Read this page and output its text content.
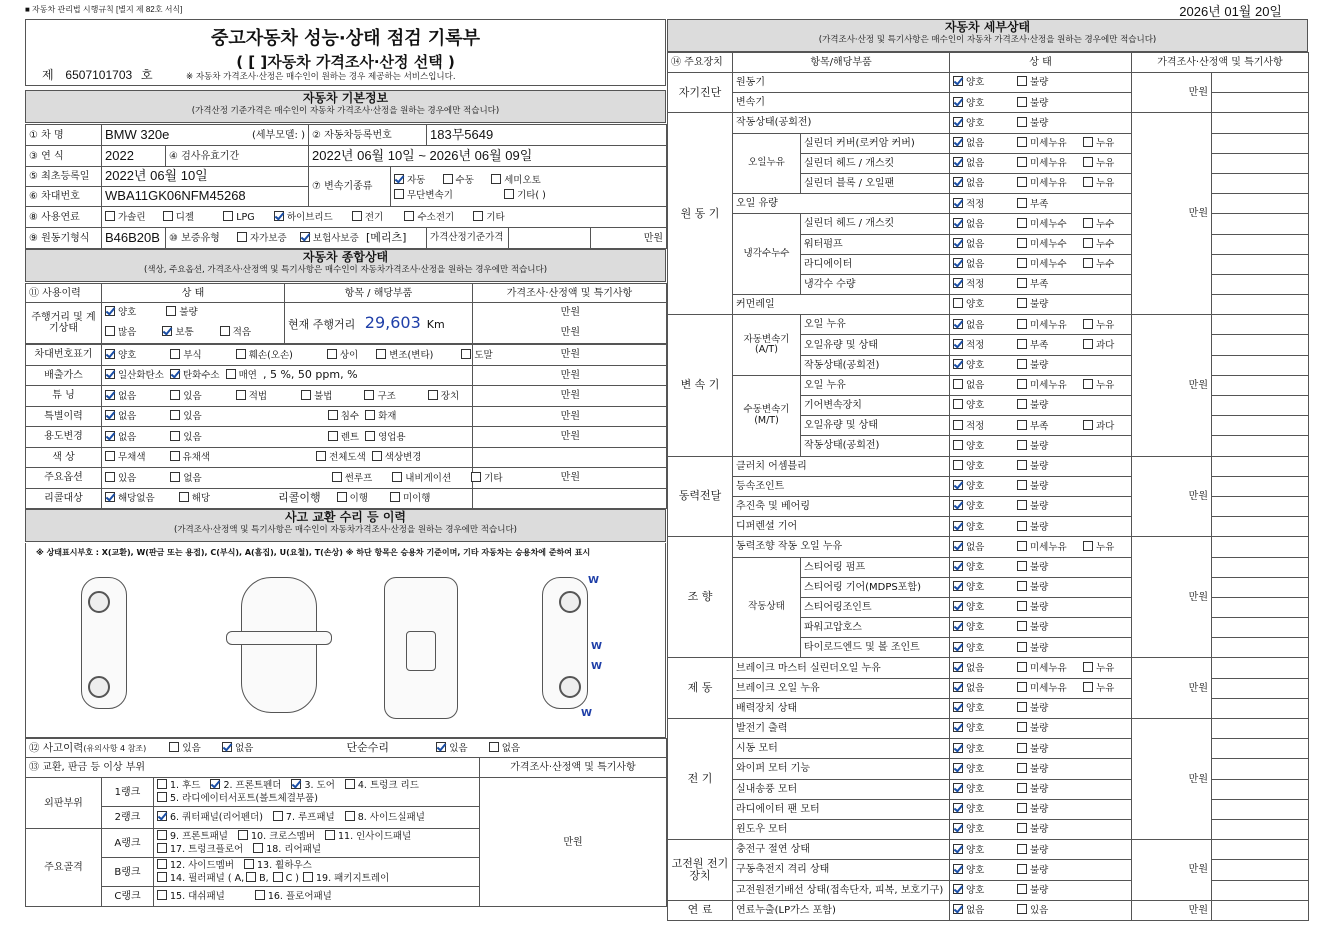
■ 자동차 관리법 시행규칙 [별지 제 82호 서식]	2026년 01월 20일
중고자동차 성능·상태 점검 기록부
( [ ]자동차 가격조사·산정 선택 )
제 6507101703 호	※ 자동차 가격조사·산정은 매수인이 원하는 경우 제공하는 서비스입니다.
자동차 기본정보
(가격산정 기준가격은 매수인이 자동차 가격조사·산정을 원하는 경우에만 적습니다)
① 차 명	BMW 320e (세부모델: )		② 자동차등록번호		183무5649		
③ 연 식	2022	④ 검사유효기간	2022년 06월 10일 ~ 2026년 06월 09일				
⑤ 최초등록일	2022년 06월 10일		⑦ 변속기종류	자동 수동 세미오토
무단변속기 기타( )			
⑥ 차대번호	WBA11GK06NFM45268						
⑧ 사용연료	가솔린 디젤 LPG 하이브리드 전기 수소전기 기타						
⑨ 원동기형식	B46B20B	⑩ 보증유형 자가보증 보험사보증 [메리츠]			가격산정기준가격		만원
자동차 종합상태
(색상, 주요옵션, 가격조사·산정액 및 특기사항은 매수인이 자동차가격조사·산정을 원하는 경우에만 적습니다)
⑪ 사용이력	상 태	항목 / 해당부품	가격조사·산정액 및 특기사항
주행거리 및 계기상태	양호 불량
많음 보통 적음	현재 주행거리 29,603 Km	만원
만원
차대번호표기	양호 부식 훼손(오손) 상이 변조(변타) 도말	만원
배출가스	일산화탄소 탄화수소 매연 , 5 %, 50 ppm, %	만원
튜 닝	없음 있음 적법 불법 구조 장치	만원
특별이력	없음 있음 침수 화재	만원
용도변경	없음 있음 렌트 영업용	만원
색 상	무채색 유채색 전체도색 색상변경	
주요옵션	있음 없음 썬루프 내비게이션 기타	만원
리콜대상	해당없음 해당 리콜이행 이행 미이행	
사고 교환 수리 등 이력
(가격조사·산정액 및 특기사항은 매수인이 자동차가격조사·산정을 원하는 경우에만 적습니다)
※ 상태표시부호 : X(교환), W(판금 또는 용접), C(부식), A(흠집), U(요철), T(손상) ※ 하단 항목은 승용차 기준이며, 기타 자동차는 승용차에 준하여 표시
W
W
W
W
⑫ 사고이력(유의사항 4 참조) 있음 없음 단순수리 있음 없음			
⑬ 교환, 판금 등 이상 부위			가격조사·산정액 및 특기사항
외판부위	1랭크	1. 후드 2. 프론트펜더 3. 도어 4. 트렁크 리드
5. 라디에이터서포트(볼트체결부품)	만원
	2랭크	6. 쿼터패널(리어펜더) 7. 루프패널 8. 사이드실패널	
주요골격	A랭크	9. 프론트패널 10. 크로스멤버 11. 인사이드패널
17. 트렁크플로어 18. 리어패널	
	B랭크	12. 사이드멤버 13. 휠하우스
14. 필러패널 ( A, B, C ) 19. 패키지트레이	
	C랭크	15. 대쉬패널 16. 플로어패널	
자동차 세부상태
(가격조사·산정 및 특기사항은 매수인이 자동차 가격조사·산정을 원하는 경우에만 적습니다)
⑭ 주요장치	항목/해당부품		상 태	가격조사·산정액 및 특기사항	
자기진단	원동기		양호 불량	만원	
	변속기		양호 불량		
원 동 기	작동상태(공회전)		양호 불량	만원	
	오일누유	실린더 커버(로커암 커버)	없음 미세누유 누유		
		실린더 헤드 / 개스킷	없음 미세누유 누유		
		실린더 블록 / 오일팬	없음 미세누유 누유		
	오일 유량		적정 부족		
	냉각수누수	실린더 헤드 / 개스킷	없음 미세누수 누수		
		워터펌프	없음 미세누수 누수		
		라디에이터	없음 미세누수 누수		
		냉각수 수량	적정 부족		
	커먼레일		양호 불량		
변 속 기	자동변속기 (A/T)	오일 누유	없음 미세누유 누유	만원	
		오일유량 및 상태	적정 부족 과다		
		작동상태(공회전)	양호 불량		
	수동변속기 (M/T)	오일 누유	없음 미세누유 누유		
		기어변속장치	양호 불량		
		오일유량 및 상태	적정 부족 과다		
		작동상태(공회전)	양호 불량		
동력전달	클러치 어셈블리		양호 불량	만원	
	등속조인트		양호 불량		
	추진축 및 베어링		양호 불량		
	디퍼렌셜 기어		양호 불량		
조 향	동력조향 작동 오일 누유		없음 미세누유 누유	만원	
	작동상태	스티어링 펌프	양호 불량		
		스티어링 기어(MDPS포함)	양호 불량		
		스티어링조인트	양호 불량		
		파워고압호스	양호 불량		
		타이로드엔드 및 볼 조인트	양호 불량		
제 동	브레이크 마스터 실린더오일 누유		없음 미세누유 누유	만원	
	브레이크 오일 누유		없음 미세누유 누유		
	배력장치 상태		양호 불량		
전 기	발전기 출력		양호 불량	만원	
	시동 모터		양호 불량		
	와이퍼 모터 기능		양호 불량		
	실내송풍 모터		양호 불량		
	라디에이터 팬 모터		양호 불량		
	윈도우 모터		양호 불량		
고전원 전기장치	충전구 절연 상태		양호 불량	만원	
	구동축전지 격리 상태		양호 불량		
	고전원전기배선 상태(접속단자, 피복, 보호기구)		양호 불량		
연 료	연료누출(LP가스 포함)		없음 있음	만원	
